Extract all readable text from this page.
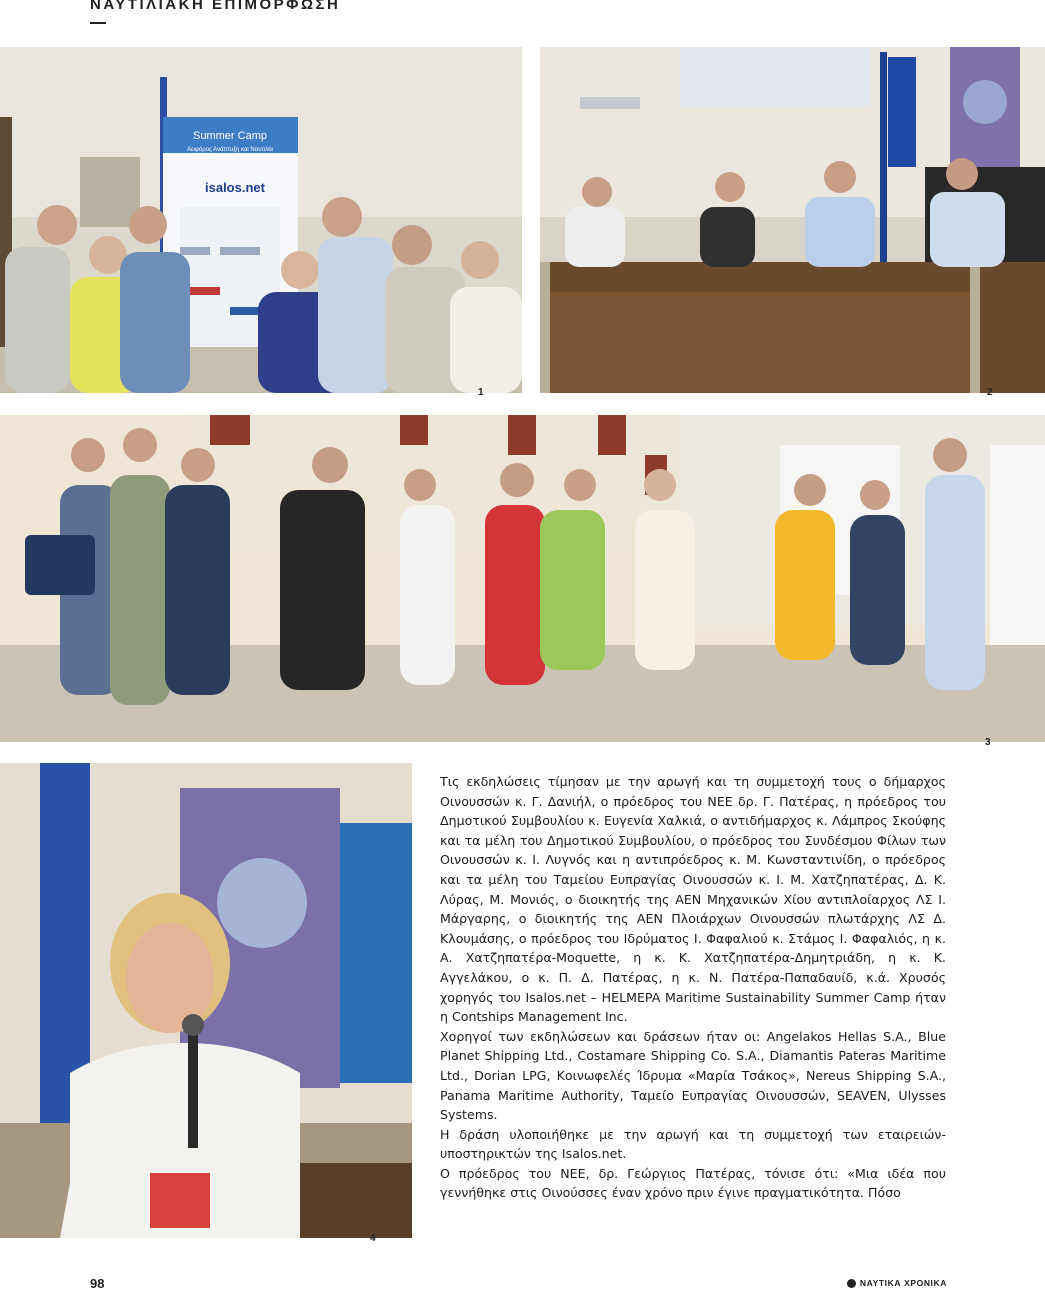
ΝΑΥΤΙΛΙΑΚΗ ΕΠΙΜΟΡΦΩΣΗ
Summer Camp
Αειφόρος Ανάπτυξη και Ναυτιλία
isalos.net
1	2
3
4

Τις εκδηλώσεις τίμησαν με την αρωγή και τη συμμετοχή τους ο δήμαρχος Οινουσσών κ. Γ. Δανιήλ, ο πρόεδρος του ΝΕΕ δρ. Γ. Πατέρας, η πρόεδρος του Δημοτικού Συμβουλίου κ. Ευγενία Χαλκιά, ο αντιδήμαρχος κ. Λάμπρος Σκούφης και τα μέλη του Δημοτικού Συμβουλίου, ο πρόεδρος του Συνδέσμου Φίλων των Οινουσσών κ. Ι. Λυγνός και η αντιπρόεδρος κ. Μ. Κωνσταντινίδη, ο πρόεδρος και τα μέλη του Ταμείου Ευπραγίας Οινουσσών κ. Ι. Μ. Χατζηπατέρας, Δ. Κ. Λύρας, Μ. Μονιός, ο διοικητής της ΑΕΝ Μηχανικών Χίου αντιπλοίαρχος ΛΣ Ι. Μάργαρης, ο διοικητής της ΑΕΝ Πλοιάρχων Οινουσσών πλωτάρχης ΛΣ Δ. Κλουμάσης, ο πρόεδρος του Ιδρύματος Ι. Φαφαλιού κ. Στάμος Ι. Φαφαλιός, η κ. Α. Χατζηπατέρα-Moquette, η κ. Κ. Χατζηπατέρα-Δημητριάδη, η κ. Κ. Αγγελάκου, ο κ. Π. Δ. Πατέρας, η κ. Ν. Πατέρα-Παπαδαυίδ, κ.ά. Χρυσός χορηγός του Isalos.net – HELMEPA Maritime Sustainability Summer Camp ήταν η Contships Management Inc.

Χορηγοί των εκδηλώσεων και δράσεων ήταν οι: Angelakos Hellas S.A., Blue Planet Shipping Ltd., Costamare Shipping Co. S.A., Diamantis Pateras Maritime Ltd., Dorian LPG, Κοινωφελές Ίδρυμα «Μαρία Τσάκος», Nereus Shipping S.A., Panama Maritime Authority, Ταμείο Ευπραγίας Οινουσσών, SEAVEN, Ulysses Systems.

Η δράση υλοποιήθηκε με την αρωγή και τη συμμετοχή των εταιρειών-υποστηρικτών της Isalos.net.

Ο πρόεδρος του ΝΕΕ, δρ. Γεώργιος Πατέρας, τόνισε ότι: «Μια ιδέα που γεννήθηκε στις Οινούσσες έναν χρόνο πριν έγινε πραγματικότητα. Πόσο

98	ΝΑΥΤΙΚΑ ΧΡΟΝΙΚΑ
